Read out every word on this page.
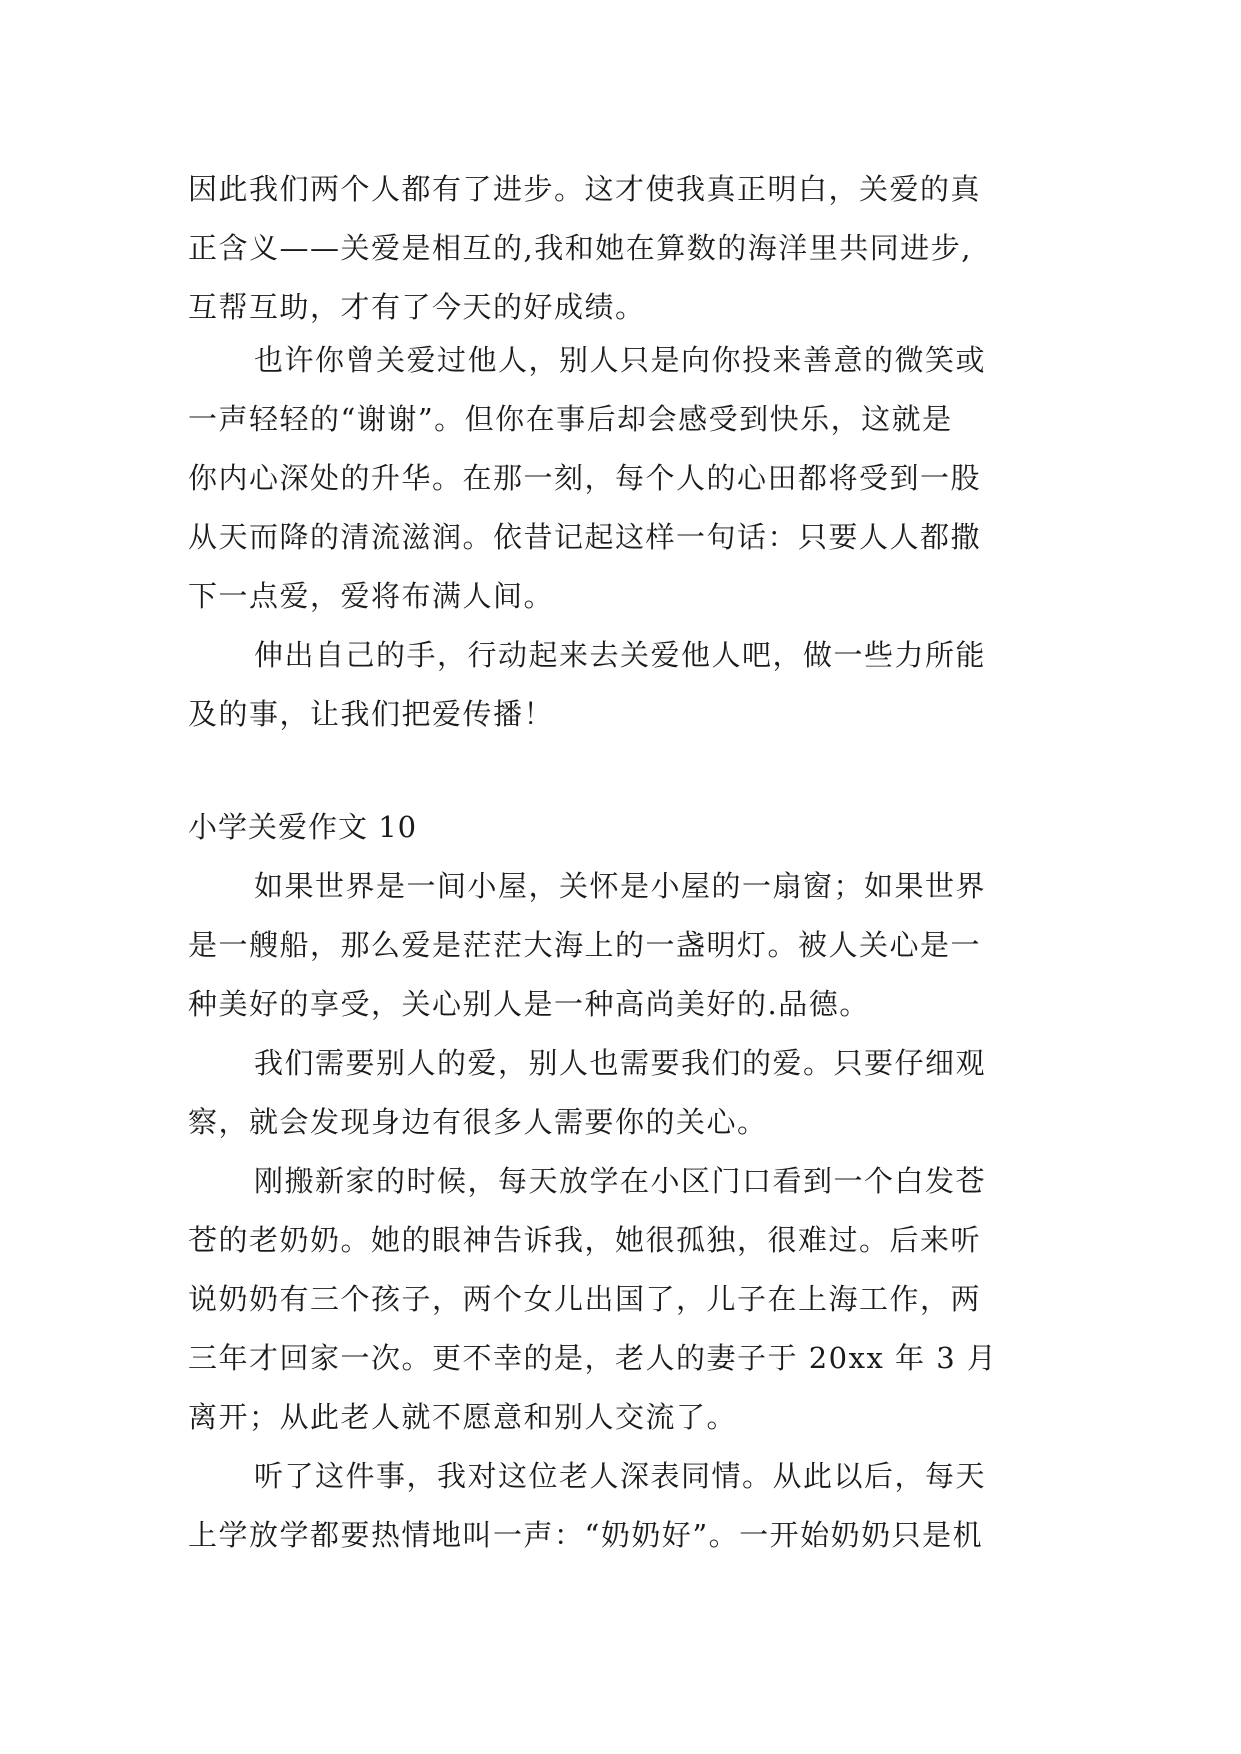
因此我们两个人都有了进步。这才使我真正明白，关爱的真
正含义——关爱是相互的,我和她在算数的海洋里共同进步,
互帮互助，才有了今天的好成绩。
也许你曾关爱过他人，别人只是向你投来善意的微笑或
一声轻轻的“谢谢”。但你在事后却会感受到快乐，这就是
你内心深处的升华。在那一刻，每个人的心田都将受到一股
从天而降的清流滋润。依昔记起这样一句话：只要人人都撒
下一点爱，爱将布满人间。
伸出自己的手，行动起来去关爱他人吧，做一些力所能
及的事，让我们把爱传播！
小学关爱作文 10
如果世界是一间小屋，关怀是小屋的一扇窗；如果世界
是一艘船，那么爱是茫茫大海上的一盏明灯。被人关心是一
种美好的享受，关心别人是一种高尚美好的.品德。
我们需要别人的爱，别人也需要我们的爱。只要仔细观
察，就会发现身边有很多人需要你的关心。
刚搬新家的时候，每天放学在小区门口看到一个白发苍
苍的老奶奶。她的眼神告诉我，她很孤独，很难过。后来听
说奶奶有三个孩子，两个女儿出国了，儿子在上海工作，两
三年才回家一次。更不幸的是，老人的妻子于 20xx 年 3 月
离开；从此老人就不愿意和别人交流了。
听了这件事，我对这位老人深表同情。从此以后，每天
上学放学都要热情地叫一声：“奶奶好”。一开始奶奶只是机
